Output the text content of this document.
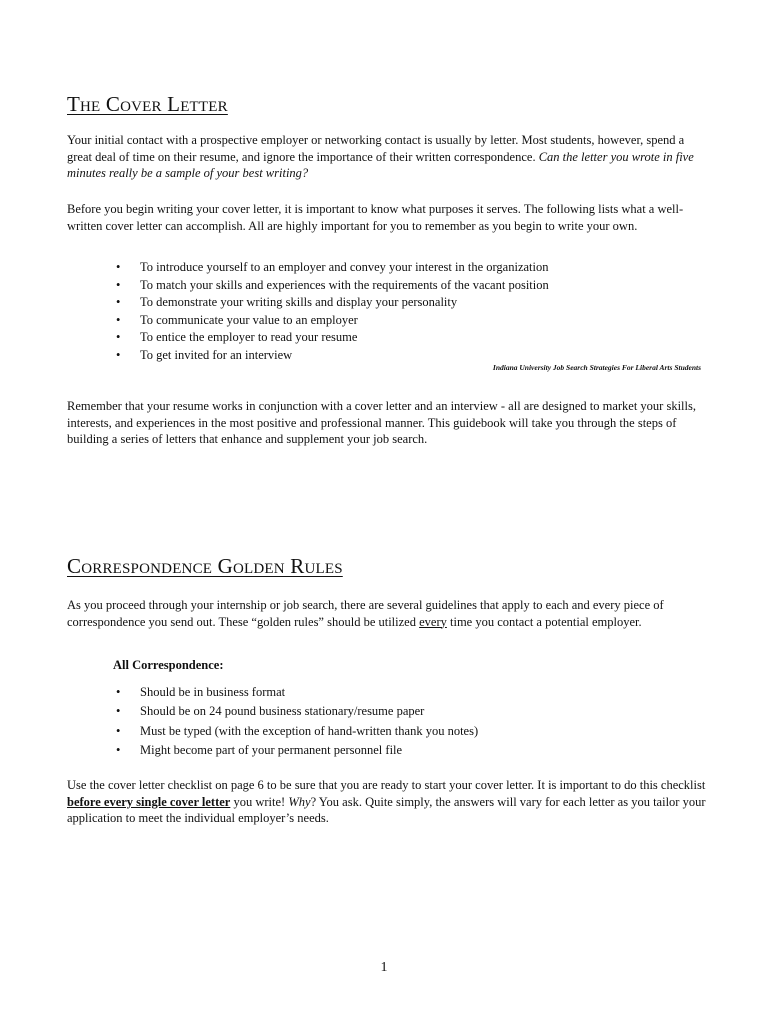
The Cover Letter

Your initial contact with a prospective employer or networking contact is usually by letter. Most students, however, spend a great deal of time on their resume, and ignore the importance of their written correspondence. Can the letter you wrote in five minutes really be a sample of your best writing?

Before you begin writing your cover letter, it is important to know what purposes it serves. The following lists what a well-written cover letter can accomplish. All are highly important for you to remember as you begin to write your own.

• To introduce yourself to an employer and convey your interest in the organization
• To match your skills and experiences with the requirements of the vacant position
• To demonstrate your writing skills and display your personality
• To communicate your value to an employer
• To entice the employer to read your resume
• To get invited for an interview

Indiana University Job Search Strategies For Liberal Arts Students

Remember that your resume works in conjunction with a cover letter and an interview - all are designed to market your skills, interests, and experiences in the most positive and professional manner. This guidebook will take you through the steps of building a series of letters that enhance and supplement your job search.

Correspondence Golden Rules

As you proceed through your internship or job search, there are several guidelines that apply to each and every piece of correspondence you send out. These “golden rules” should be utilized every time you contact a potential employer.

All Correspondence:

• Should be in business format
• Should be on 24 pound business stationary/resume paper
• Must be typed (with the exception of hand-written thank you notes)
• Might become part of your permanent personnel file

Use the cover letter checklist on page 6 to be sure that you are ready to start your cover letter. It is important to do this checklist before every single cover letter you write! Why? You ask. Quite simply, the answers will vary for each letter as you tailor your application to meet the individual employer’s needs.

1
